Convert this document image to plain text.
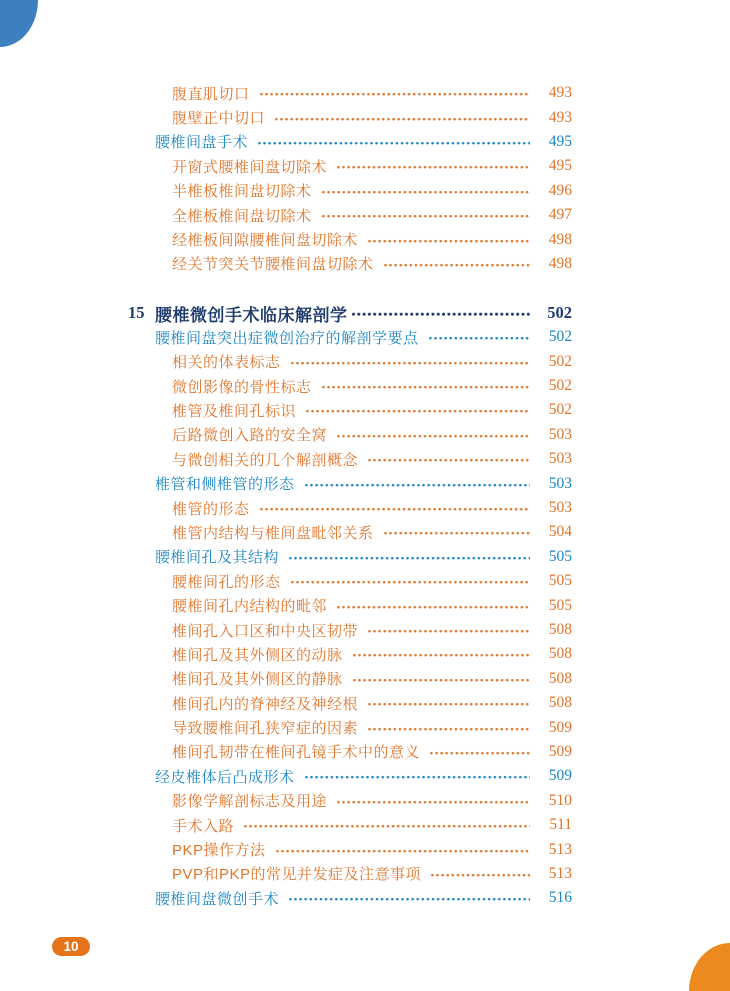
腹直肌切口	493
腹壁正中切口	493
腰椎间盘手术	495
开窗式腰椎间盘切除术	495
半椎板椎间盘切除术	496
全椎板椎间盘切除术	497
经椎板间隙腰椎间盘切除术	498
经关节突关节腰椎间盘切除术	498
15 腰椎微创手术临床解剖学	502
腰椎间盘突出症微创治疗的解剖学要点	502
相关的体表标志	502
微创影像的骨性标志	502
椎管及椎间孔标识	502
后路微创入路的安全窝	503
与微创相关的几个解剖概念	503
椎管和侧椎管的形态	503
椎管的形态	503
椎管内结构与椎间盘毗邻关系	504
腰椎间孔及其结构	505
腰椎间孔的形态	505
腰椎间孔内结构的毗邻	505
椎间孔入口区和中央区韧带	508
椎间孔及其外侧区的动脉	508
椎间孔及其外侧区的静脉	508
椎间孔内的脊神经及神经根	508
导致腰椎间孔狭窄症的因素	509
椎间孔韧带在椎间孔镜手术中的意义	509
经皮椎体后凸成形术	509
影像学解剖标志及用途	510
手术入路	511
PKP操作方法	513
PVP和PKP的常见并发症及注意事项	513
腰椎间盘微创手术	516
10
